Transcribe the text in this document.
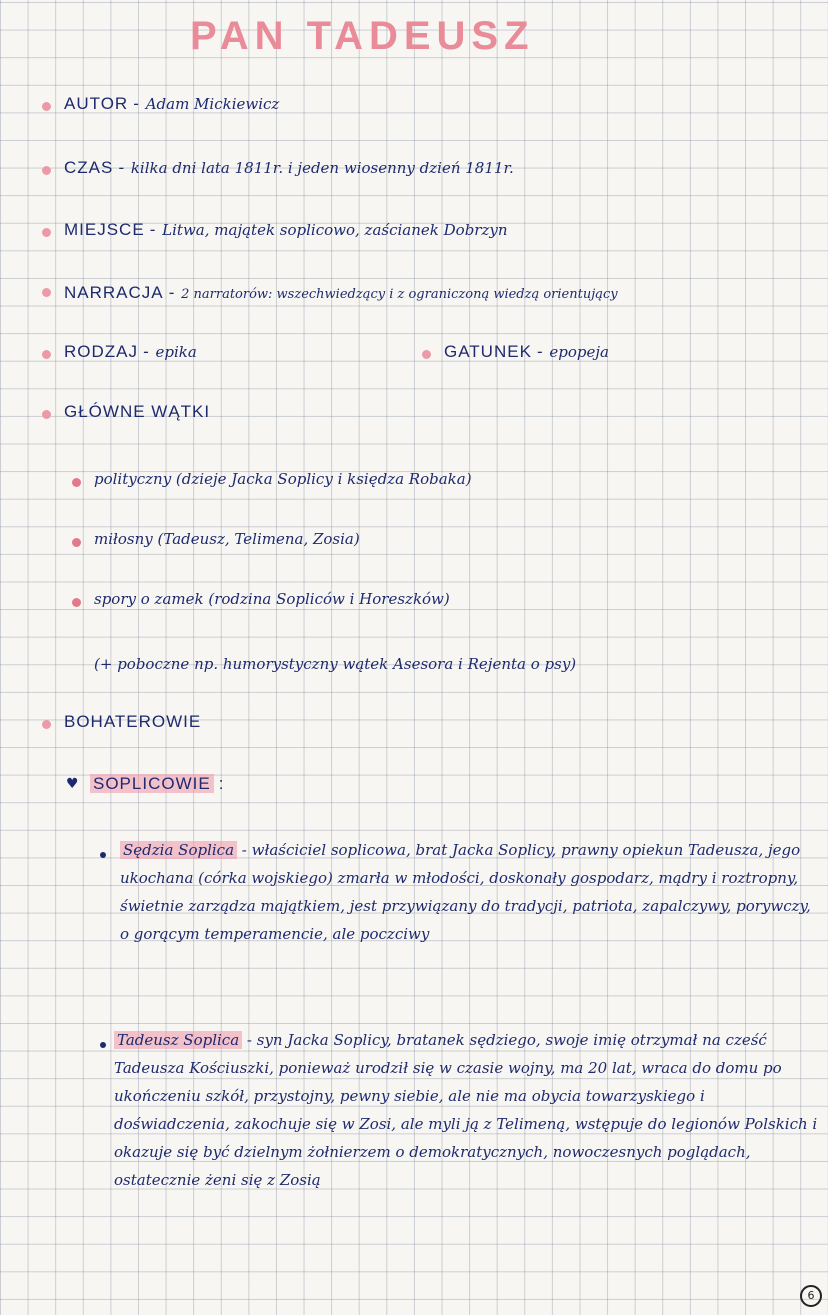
PAN TADEUSZ
AUTOR - Adam Mickiewicz
CZAS - kilka dni lata 1811r. i jeden wiosenny dzień 1811r.
MIEJSCE - Litwa, majątek soplicowo, zaścianek Dobrzyn
NARRACJA - 2 narratorów: wszechwiedzący i z ograniczoną wiedzą orientujący
RODZAJ - epika	GATUNEK - epopeja
GŁÓWNE WĄTKI
polityczny (dzieje Jacka Soplicy i księdza Robaka)
miłosny (Tadeusz, Telimena, Zosia)
spory o zamek (rodzina Sopliców i Horeszków)
(+ poboczne np. humorystyczny wątek Asesora i Rejenta o psy)
BOHATEROWIE
♥ SOPLICOWIE :
Sędzia Soplica - właściciel soplicowa, brat Jacka Soplicy, prawny opiekun Tadeusza, jego ukochana (córka wojskiego) zmarła w młodości, doskonały gospodarz, mądry i roztropny, świetnie zarządza majątkiem, jest przywiązany do tradycji, patriota, zapalczywy, porywczy, o gorącym temperamencie, ale poczciwy
Tadeusz Soplica - syn Jacka Soplicy, bratanek sędziego, swoje imię otrzymał na cześć Tadeusza Kościuszki, ponieważ urodził się w czasie wojny, ma 20 lat, wraca do domu po ukończeniu szkół, przystojny, pewny siebie, ale nie ma obycia towarzyskiego i doświadczenia, zakochuje się w Zosi, ale myli ją z Telimeną, wstępuje do legionów Polskich i okazuje się być dzielnym żołnierzem o demokratycznych, nowoczesnych poglądach, ostatecznie żeni się z Zosią
6
